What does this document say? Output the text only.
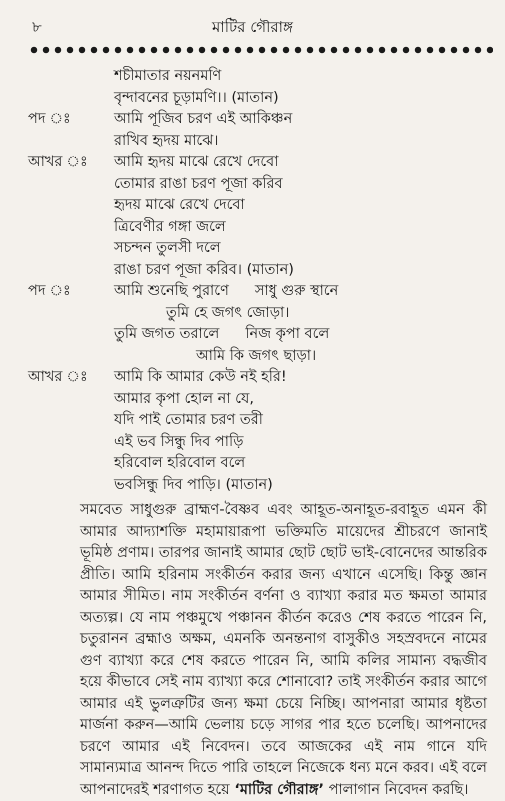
৮	মাটির গৌরাঙ্গ
শচীমাতার নয়নমণি
বৃন্দাবনের চূড়ামণি।। (মাতান)
পদ ঃ	আমি পূজিব চরণ এই আকিঞ্চন
রাখিব হৃদয় মাঝে।
আখর ঃ আমি হৃদয় মাঝে রেখে দেবো
তোমার রাঙা চরণ পূজা করিব
হৃদয় মাঝে রেখে দেবো
ত্রিবেণীর গঙ্গা জলে
সচন্দন তুলসী দলে
রাঙা চরণ পূজা করিব। (মাতান)
পদ ঃ	আমি শুনেছি পুরাণে সাধু গুরু স্থানে
তুমি হে জগৎ জোড়া।
তুমি জগত তরালে নিজ কৃপা বলে
আমি কি জগৎ ছাড়া।
আখর ঃ আমি কি আমার কেউ নই হরি!
আমার কৃপা হোল না যে,
যদি পাই তোমার চরণ তরী
এই ভব সিন্ধু দিব পাড়ি
হরিবোল হরিবোল বলে
ভবসিন্ধু দিব পাড়ি। (মাতান)

সমবেত সাধুগুরু ব্রাহ্মণ-বৈষ্ণব এবং আহূত-অনাহূত-রবাহূত এমন কী আমার আদ্যাশক্তি মহামায়ারূপা ভক্তিমতি মায়েদের শ্রীচরণে জানাই ভূমিষ্ঠ প্রণাম। তারপর জানাই আমার ছোট ছোট ভাই-বোনেদের আন্তরিক প্রীতি। আমি হরিনাম সংকীর্তন করার জন্য এখানে এসেছি। কিন্তু জ্ঞান আমার সীমিত। নাম সংকীর্তন বর্ণনা ও ব্যাখ্যা করার মত ক্ষমতা আমার অত্যল্প। যে নাম পঞ্চমুখে পঞ্চানন কীর্তন করেও শেষ করতে পারেন নি, চতুরানন ব্রহ্মাও অক্ষম, এমনকি অনন্তনাগ বাসুকীও সহস্রবদনে নামের গুণ ব্যাখ্যা করে শেষ করতে পারেন নি, আমি কলির সামান্য বদ্ধজীব হয়ে কীভাবে সেই নাম ব্যাখ্যা করে শোনাবো? তাই সংকীর্তন করার আগে আমার এই ভুলত্রুটির জন্য ক্ষমা চেয়ে নিচ্ছি। আপনারা আমার ধৃষ্টতা মার্জনা করুন—আমি ভেলায় চড়ে সাগর পার হতে চলেছি। আপনাদের চরণে আমার এই নিবেদন। তবে আজকের এই নাম গানে যদি সামান্যমাত্র আনন্দ দিতে পারি তাহলে নিজেকে ধন্য মনে করব। এই বলে আপনাদেরই শরণাগত হয়ে ‘মাটির গৌরাঙ্গ’ পালাগান নিবেদন করছি।
